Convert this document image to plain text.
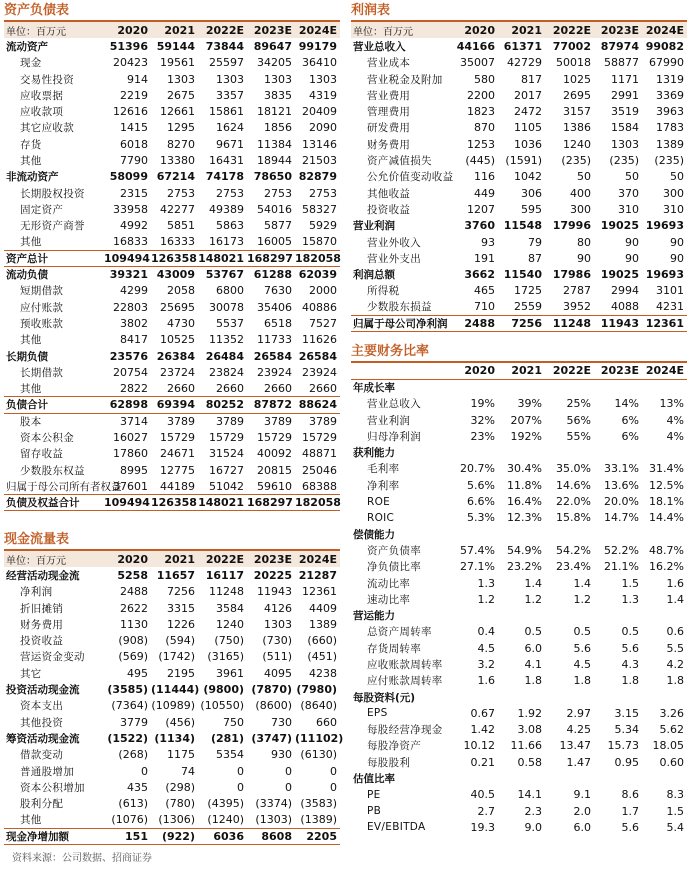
资产负债表
单位：百万元	2020	2021	2022E	2023E	2024E
流动资产	51396	59144	73844	89647	99179
现金	20423	19561	25597	34205	36410
交易性投资	914	1303	1303	1303	1303
应收票据	2219	2675	3357	3835	4319
应收款项	12616	12661	15861	18121	20409
其它应收款	1415	1295	1624	1856	2090
存货	6018	8270	9671	11384	13146
其他	7790	13380	16431	18944	21503
非流动资产	58099	67214	74178	78650	82879
长期股权投资	2315	2753	2753	2753	2753
固定资产	33958	42277	49389	54016	58327
无形资产商誉	4992	5851	5863	5877	5929
其他	16833	16333	16173	16005	15870
资产总计	109494	126358	148021	168297	182058
流动负债	39321	43009	53767	61288	62039
短期借款	4299	2058	6800	7630	2000
应付账款	22803	25695	30078	35406	40886
预收账款	3802	4730	5537	6518	7527
其他	8417	10525	11352	11733	11626
长期负债	23576	26384	26484	26584	26584
长期借款	20754	23724	23824	23924	23924
其他	2822	2660	2660	2660	2660
负债合计	62898	69394	80252	87872	88624
股本	3714	3789	3789	3789	3789
资本公积金	16027	15729	15729	15729	15729
留存收益	17860	24671	31524	40092	48871
少数股东权益	8995	12775	16727	20815	25046
归属于母公司所有者权益	37601	44189	51042	59610	68388
负债及权益合计	109494	126358	148021	168297	182058
现金流量表
单位：百万元	2020	2021	2022E	2023E	2024E
经营活动现金流	5258	11657	16117	20225	21287
净利润	2488	7256	11248	11943	12361
折旧摊销	2622	3315	3584	4126	4409
财务费用	1130	1226	1240	1303	1389
投资收益	(908)	(594)	(750)	(730)	(660)
营运资金变动	(569)	(1742)	(3165)	(511)	(451)
其它	495	2195	3961	4095	4238
投资活动现金流	(3585)	(11444)	(9800)	(7870)	(7980)
资本支出	(7364)	(10989)	(10550)	(8600)	(8640)
其他投资	3779	(456)	750	730	660
筹资活动现金流	(1522)	(1134)	(281)	(3747)	(11102)
借款变动	(268)	1175	5354	930	(6130)
普通股增加	0	74	0	0	0
资本公积增加	435	(298)	0	0	0
股利分配	(613)	(780)	(4395)	(3374)	(3583)
其他	(1076)	(1306)	(1240)	(1303)	(1389)
现金净增加额	151	(922)	6036	8608	2205
利润表
单位：百万元	2020	2021	2022E	2023E	2024E
营业总收入	44166	61371	77002	87974	99082
营业成本	35007	42729	50018	58877	67990
营业税金及附加	580	817	1025	1171	1319
营业费用	2200	2017	2695	2991	3369
管理费用	1823	2472	3157	3519	3963
研发费用	870	1105	1386	1584	1783
财务费用	1253	1036	1240	1303	1389
资产减值损失	(445)	(1591)	(235)	(235)	(235)
公允价值变动收益	116	1042	50	50	50
其他收益	449	306	400	370	300
投资收益	1207	595	300	310	310
营业利润	3760	11548	17996	19025	19693
营业外收入	93	79	80	90	90
营业外支出	191	87	90	90	90
利润总额	3662	11540	17986	19025	19693
所得税	465	1725	2787	2994	3101
少数股东损益	710	2559	3952	4088	4231
归属于母公司净利润	2488	7256	11248	11943	12361
主要财务比率
	2020	2021	2022E	2023E	2024E
年成长率					
营业总收入	19%	39%	25%	14%	13%
营业利润	32%	207%	56%	6%	4%
归母净利润	23%	192%	55%	6%	4%
获利能力					
毛利率	20.7%	30.4%	35.0%	33.1%	31.4%
净利率	5.6%	11.8%	14.6%	13.6%	12.5%
ROE	6.6%	16.4%	22.0%	20.0%	18.1%
ROIC	5.3%	12.3%	15.8%	14.7%	14.4%
偿债能力					
资产负债率	57.4%	54.9%	54.2%	52.2%	48.7%
净负债比率	27.1%	23.2%	23.4%	21.1%	16.2%
流动比率	1.3	1.4	1.4	1.5	1.6
速动比率	1.2	1.2	1.2	1.3	1.4
营运能力					
总资产周转率	0.4	0.5	0.5	0.5	0.6
存货周转率	4.5	6.0	5.6	5.6	5.5
应收账款周转率	3.2	4.1	4.5	4.3	4.2
应付账款周转率	1.6	1.8	1.8	1.8	1.8
每股资料(元)					
EPS	0.67	1.92	2.97	3.15	3.26
每股经营净现金	1.42	3.08	4.25	5.34	5.62
每股净资产	10.12	11.66	13.47	15.73	18.05
每股股利	0.21	0.58	1.47	0.95	0.60
估值比率					
PE	40.5	14.1	9.1	8.6	8.3
PB	2.7	2.3	2.0	1.7	1.5
EV/EBITDA	19.3	9.0	6.0	5.6	5.4
资料来源：公司数据、招商证券
